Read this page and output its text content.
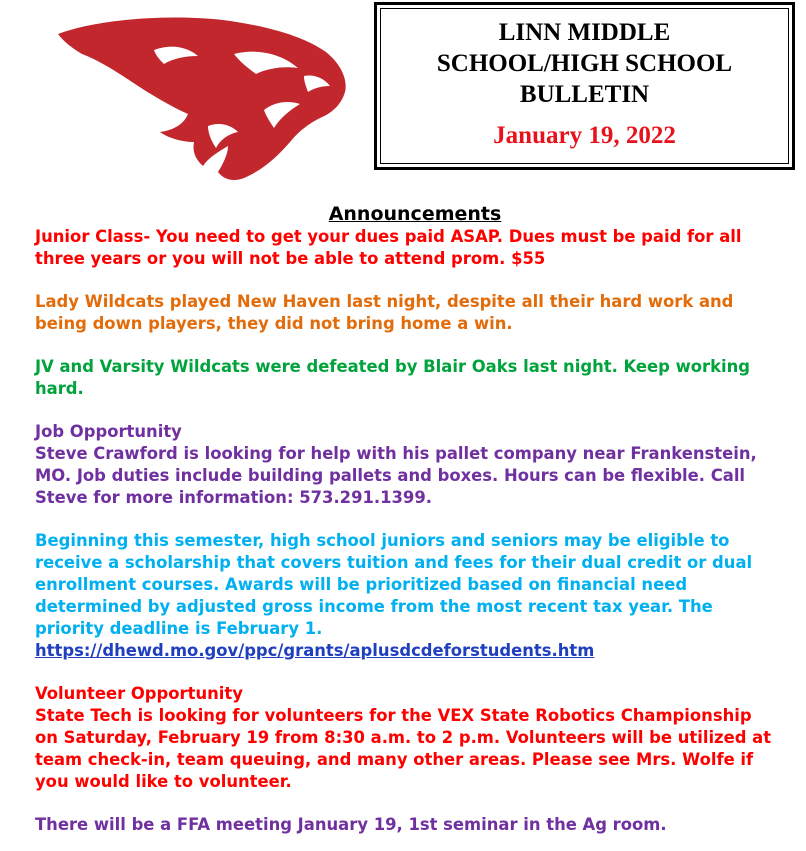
LINN MIDDLE
SCHOOL/HIGH SCHOOL
BULLETIN
January 19, 2022
Announcements
Junior Class- You need to get your dues paid ASAP. Dues must be paid for all
three years or you will not be able to attend prom. $55
Lady Wildcats played New Haven last night, despite all their hard work and
being down players, they did not bring home a win.
JV and Varsity Wildcats were defeated by Blair Oaks last night. Keep working
hard.
Job Opportunity
Steve Crawford is looking for help with his pallet company near Frankenstein,
MO. Job duties include building pallets and boxes. Hours can be flexible. Call
Steve for more information: 573.291.1399.
Beginning this semester, high school juniors and seniors may be eligible to
receive a scholarship that covers tuition and fees for their dual credit or dual
enrollment courses. Awards will be prioritized based on financial need
determined by adjusted gross income from the most recent tax year. The
priority deadline is February 1.
https://dhewd.mo.gov/ppc/grants/aplusdcdeforstudents.htm
Volunteer Opportunity
State Tech is looking for volunteers for the VEX State Robotics Championship
on Saturday, February 19 from 8:30 a.m. to 2 p.m. Volunteers will be utilized at
team check-in, team queuing, and many other areas. Please see Mrs. Wolfe if
you would like to volunteer.
There will be a FFA meeting January 19, 1st seminar in the Ag room.
